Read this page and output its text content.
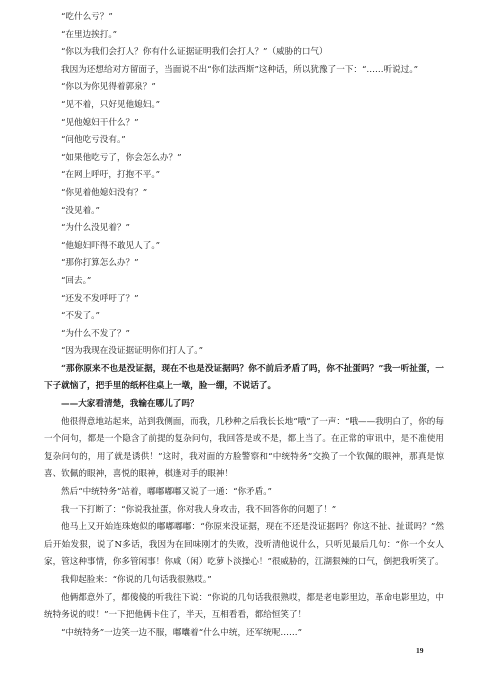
“吃什么亏？”

“在里边挨打。”

“你以为我们会打人？你有什么证据证明我们会打人？”（威胁的口气）

我因为还想给对方留面子，当面说不出“你们法西斯”这种话，所以犹豫了一下：“……听说过。”

“你以为你见得着郭泉？”

“见不着，只好见他媳妇。”

“见他媳妇干什么？”

“问他吃亏没有。”

“如果他吃亏了，你会怎么办？”

“在网上呼吁，打抱不平。”

“你见着他媳妇没有？”

“没见着。”

“为什么没见着？”

“他媳妇吓得不敢见人了。”

“那你打算怎么办？”

“回去。”

“还发不发呼吁了？”

“不发了。”

“为什么不发了？”

“因为我现在没证据证明你们打人了。”

“那你原来不也是没证据，现在不也是没证据吗？你不前后矛盾了吗，你不扯蛋吗？”我一听扯蛋，一下子就恼了，把手里的纸杯往桌上一墩，脸一绷，不说话了。

——大家看清楚，我输在哪儿了吗？

他很得意地站起来，站到我侧面，而我，几秒种之后我长长地“哦”了一声：“哦——我明白了，你的每一个问句，都是一个隐含了前提的复杂问句，我回答是或不是，都上当了。在正常的审讯中，是不准使用复杂问句的，用了就是诱供！”这时，我对面的方脸警察和“中统特务”交换了一个钦佩的眼神，那真是惊喜、钦佩的眼神，喜悦的眼神，棋逢对手的眼神！

然后“中统特务”站着，嘟嘟嘟嘟又说了一通：“你矛盾。”

我一下打断了：“你说我扯蛋，你对我人身攻击，我不回答你的问题了！”

他马上又开始连珠炮似的嘟嘟嘟嘟：“你原来没证据，现在不还是没证据吗？你这不扯、扯谎吗？”然后开始发狠，说了N多话，我因为在回味刚才的失败，没听清他说什么，只听见最后几句：“你一个女人家，管这种事情，你多管闲事！你咸（闲）吃萝卜淡操心！”很威胁的，江湖狠辣的口气，倒把我听笑了。

我仰起脸来：“你说的几句话我很熟哎。”

他俩都意外了，都傻傻的听我往下说：“你说的几句话我很熟哎，都是老电影里边，革命电影里边，中统特务说的哎！”一下把他俩卡住了，半天，互相看看，都给恒笑了！

“中统特务”一边笑一边不服，嘟囔着“什么中统，还军统呢……”

19
